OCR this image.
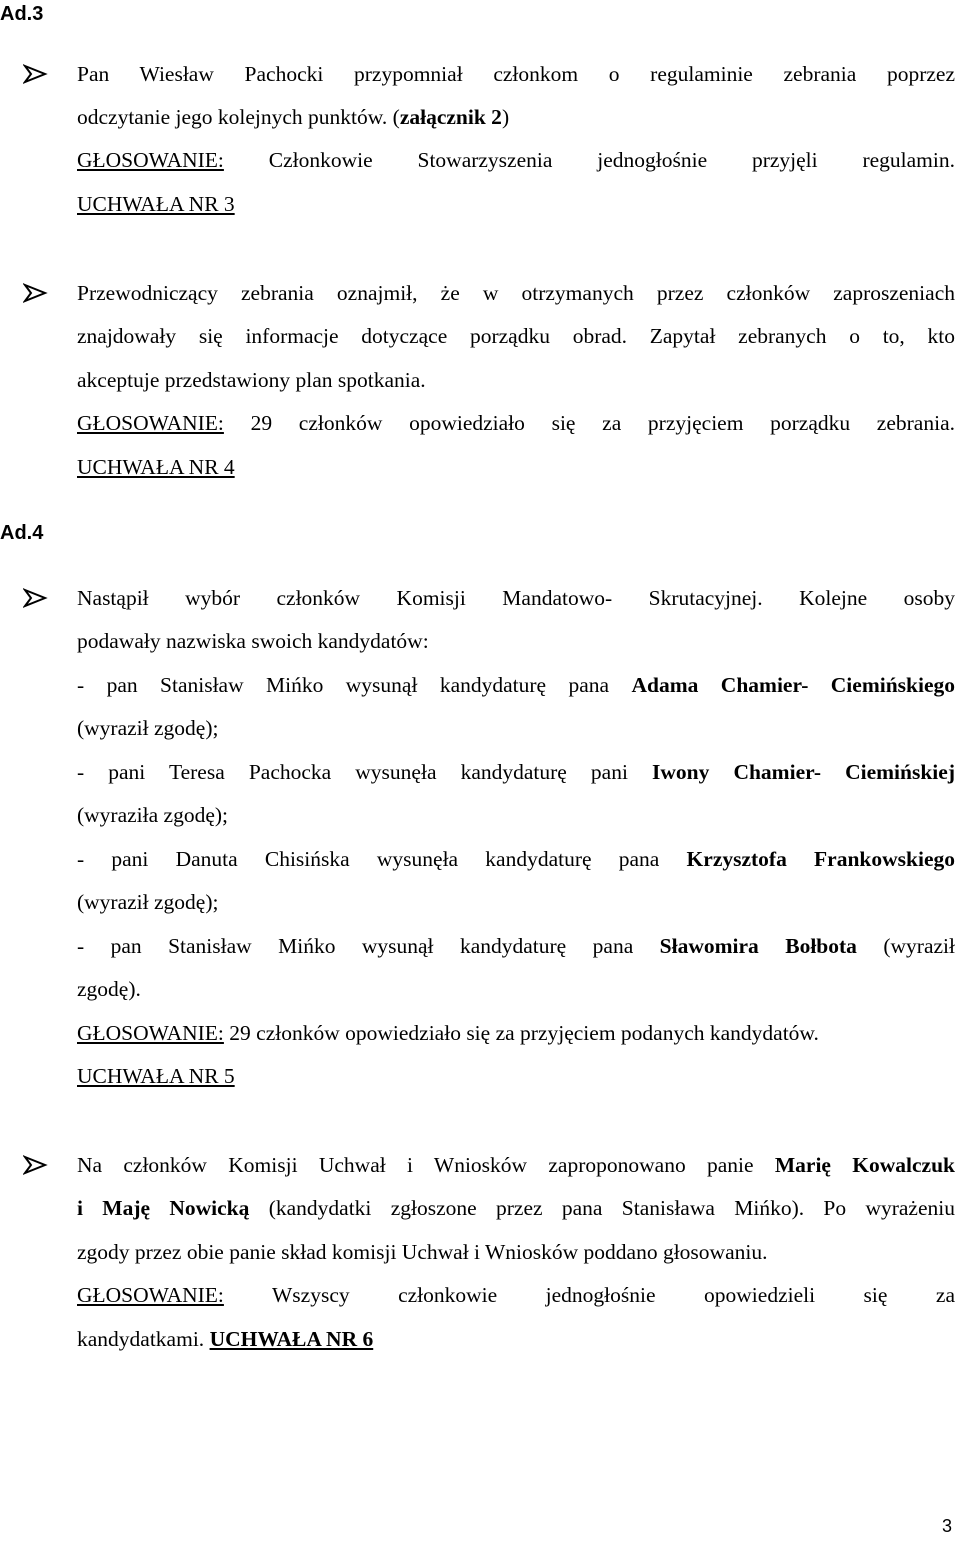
Ad.3
Pan Wiesław Pachocki przypomniał członkom o regulaminie zebrania poprzez
odczytanie jego kolejnych punktów. (załącznik 2)
GŁOSOWANIE: Członkowie Stowarzyszenia jednogłośnie przyjęli regulamin.
UCHWAŁA NR 3
Przewodniczący zebrania oznajmił, że w otrzymanych przez członków zaproszeniach
znajdowały się informacje dotyczące porządku obrad. Zapytał zebranych o to, kto
akceptuje przedstawiony plan spotkania.
GŁOSOWANIE: 29 członków opowiedziało się za przyjęciem porządku zebrania.
UCHWAŁA NR 4
Ad.4
Nastąpił wybór członków Komisji Mandatowo- Skrutacyjnej. Kolejne osoby
podawały nazwiska swoich kandydatów:
- pan Stanisław Mińko wysunął kandydaturę pana Adama Chamier- Ciemińskiego
(wyraził zgodę);
- pani Teresa Pachocka wysunęła kandydaturę pani Iwony Chamier- Ciemińskiej
(wyraziła zgodę);
- pani Danuta Chisińska wysunęła kandydaturę pana Krzysztofa Frankowskiego
(wyraził zgodę);
- pan Stanisław Mińko wysunął kandydaturę pana Sławomira Bołbota (wyraził
zgodę).
GŁOSOWANIE: 29 członków opowiedziało się za przyjęciem podanych kandydatów.
UCHWAŁA NR 5
Na członków Komisji Uchwał i Wniosków zaproponowano panie Marię Kowalczuk
i Maję Nowicką (kandydatki zgłoszone przez pana Stanisława Mińko). Po wyrażeniu
zgody przez obie panie skład komisji Uchwał i Wniosków poddano głosowaniu.
GŁOSOWANIE: Wszyscy członkowie jednogłośnie opowiedzieli się za
kandydatkami. UCHWAŁA NR 6
3
